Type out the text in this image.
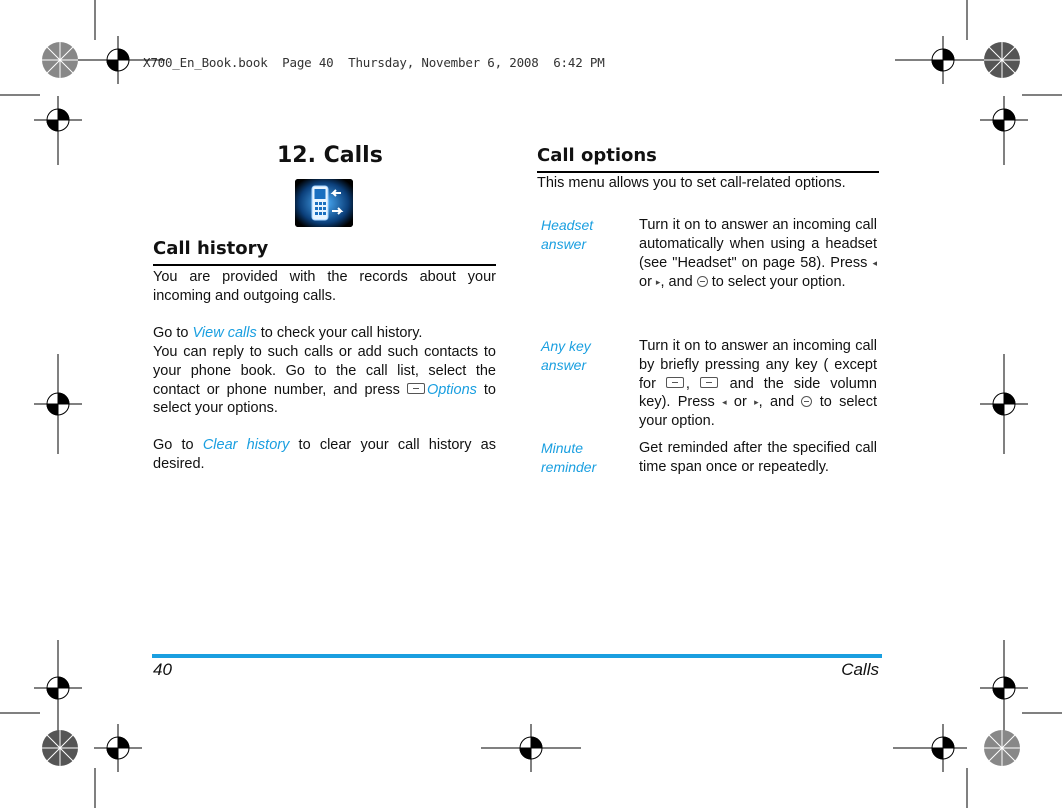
X700_En_Book.book  Page 40  Thursday, November 6, 2008  6:42 PM
12. Calls
Call history
You are provided with the records about your incoming and outgoing calls.
Go to View calls to check your call history.
You can reply to such calls or add such contacts to your phone book. Go to the call list, select the contact or phone number, and press Options to select your options.
Go to Clear history to clear your call history as desired.
Call options
This menu allows you to set call-related options.
Headset
answer
Turn it on to answer an incoming call automatically when using a headset (see "Headset" on page 58). Press ◂ or ▸, and  to select your option.
Any key
answer
Turn it on to answer an incoming call by briefly pressing any key ( except for ,  and the side volumn key). Press ◂ or ▸, and  to select your option.
Minute
reminder
Get reminded after the specified call time span once or repeatedly.
40	Calls
